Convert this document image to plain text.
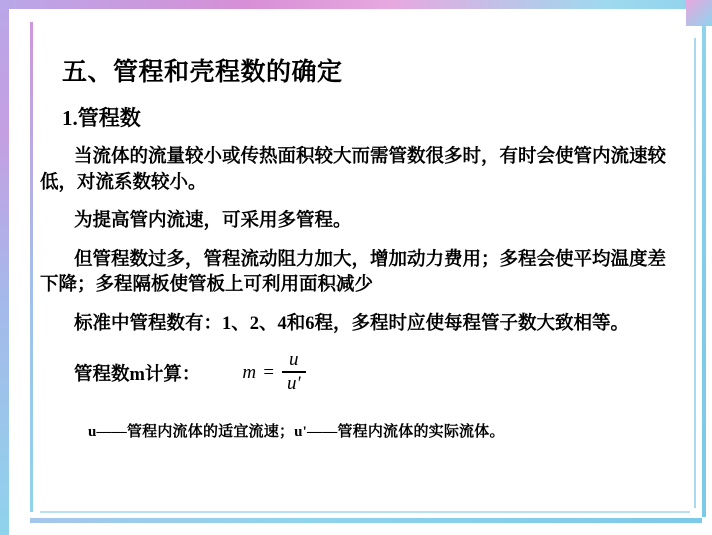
五、管程和壳程数的确定
1.管程数
当流体的流量较小或传热面积较大而需管数很多时，有时会使管内流速较低，对流系数较小。
为提高管内流速，可采用多管程。
但管程数过多，管程流动阻力加大，增加动力费用；多程会使平均温度差下降；多程隔板使管板上可利用面积减少
标准中管程数有：1、2、4和6程，多程时应使每程管子数大致相等。
管程数m计算： $m = \frac{u}{u'}$
u——管程内流体的适宜流速；u'——管程内流体的实际流体。
